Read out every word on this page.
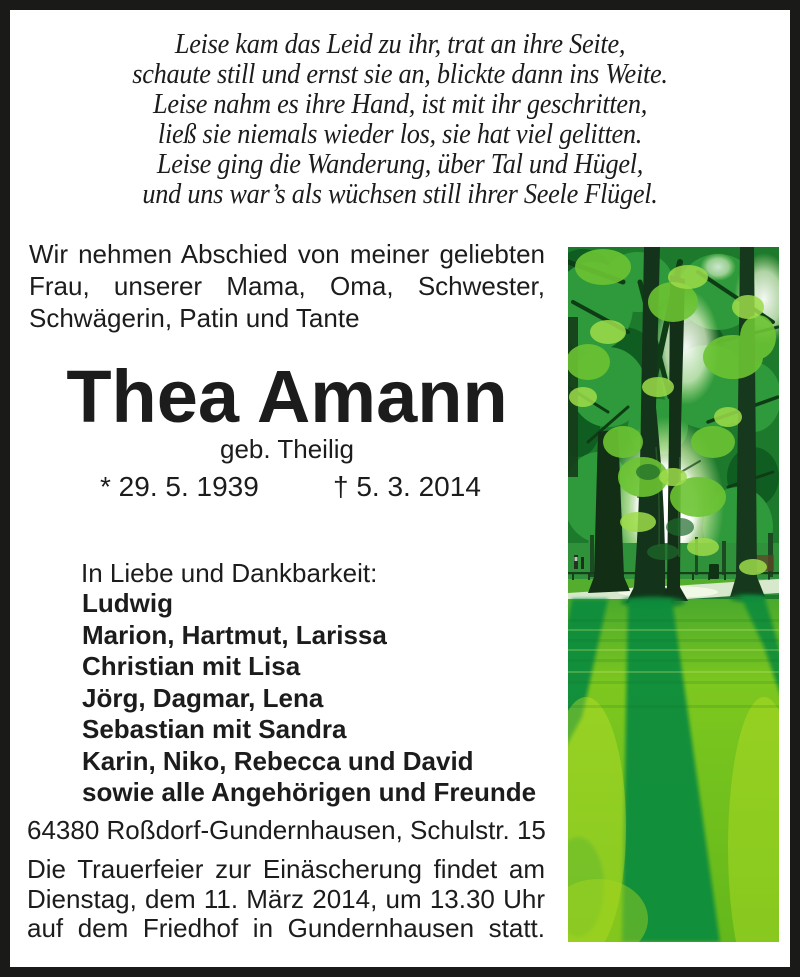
Leise kam das Leid zu ihr, trat an ihre Seite,
schaute still und ernst sie an, blickte dann ins Weite.
Leise nahm es ihre Hand, ist mit ihr geschritten,
ließ sie niemals wieder los, sie hat viel gelitten.
Leise ging die Wanderung, über Tal und Hügel,
und uns war’s als wüchsen still ihrer Seele Flügel.
Wir nehmen Abschied von meiner geliebten
Frau, unserer Mama, Oma, Schwester,
Schwägerin, Patin und Tante
Thea Amann
geb. Theilig
* 29. 5. 1939	† 5. 3. 2014
In Liebe und Dankbarkeit:
Ludwig
Marion, Hartmut, Larissa
Christian mit Lisa
Jörg, Dagmar, Lena
Sebastian mit Sandra
Karin, Niko, Rebecca und David
sowie alle Angehörigen und Freunde
64380 Roßdorf-Gundernhausen, Schulstr. 15
Die Trauerfeier zur Einäscherung findet am
Dienstag, dem 11. März 2014, um 13.30 Uhr
auf dem Friedhof in Gundernhausen statt.
